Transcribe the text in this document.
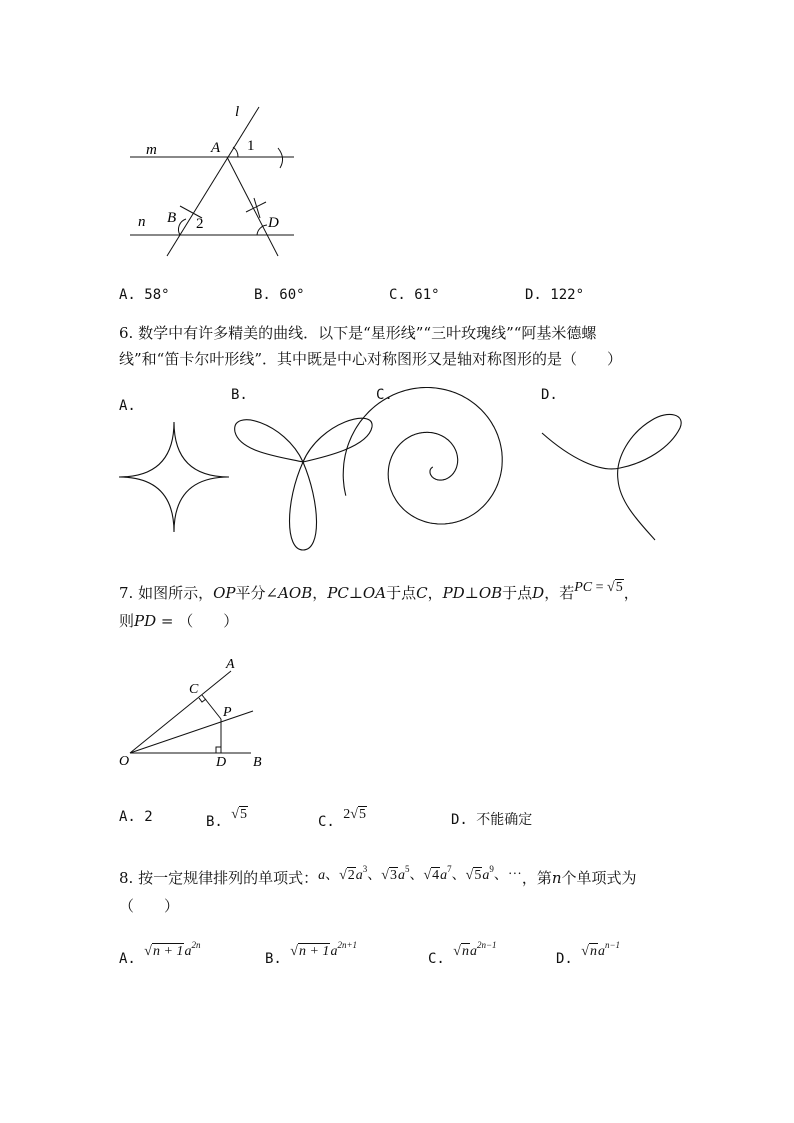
l
m
n
A
B	D
1
2
A. 58°	B. 60°	C. 61°	D. 122°
6. 数学中有许多精美的曲线．以下是“星形线”“三叶玫瑰线”“阿基米德螺
线”和“笛卡尔叶形线”．其中既是中心对称图形又是轴对称图形的是（　　）
A.
B.	C.	D.
7. 如图所示，OP平分∠AOB，PC⊥OA于点C，PD⊥OB于点D，若PC = √5，
则PD = （　　）
A
C
P
O	D B
A. 2	B. √5	C. 2√5	D. 不能确定
8. 按一定规律排列的单项式：a、$√2a^3$、$√3a^5$、$√4a^7$、$√5a^9$、⋯，第n个单项式为
（　　）
A. $√n + 1a^{2n}$
B. $√n + 1a^{2n+1}$
C. $√na^{2n-1}$
D. $√na^{n-1}$
